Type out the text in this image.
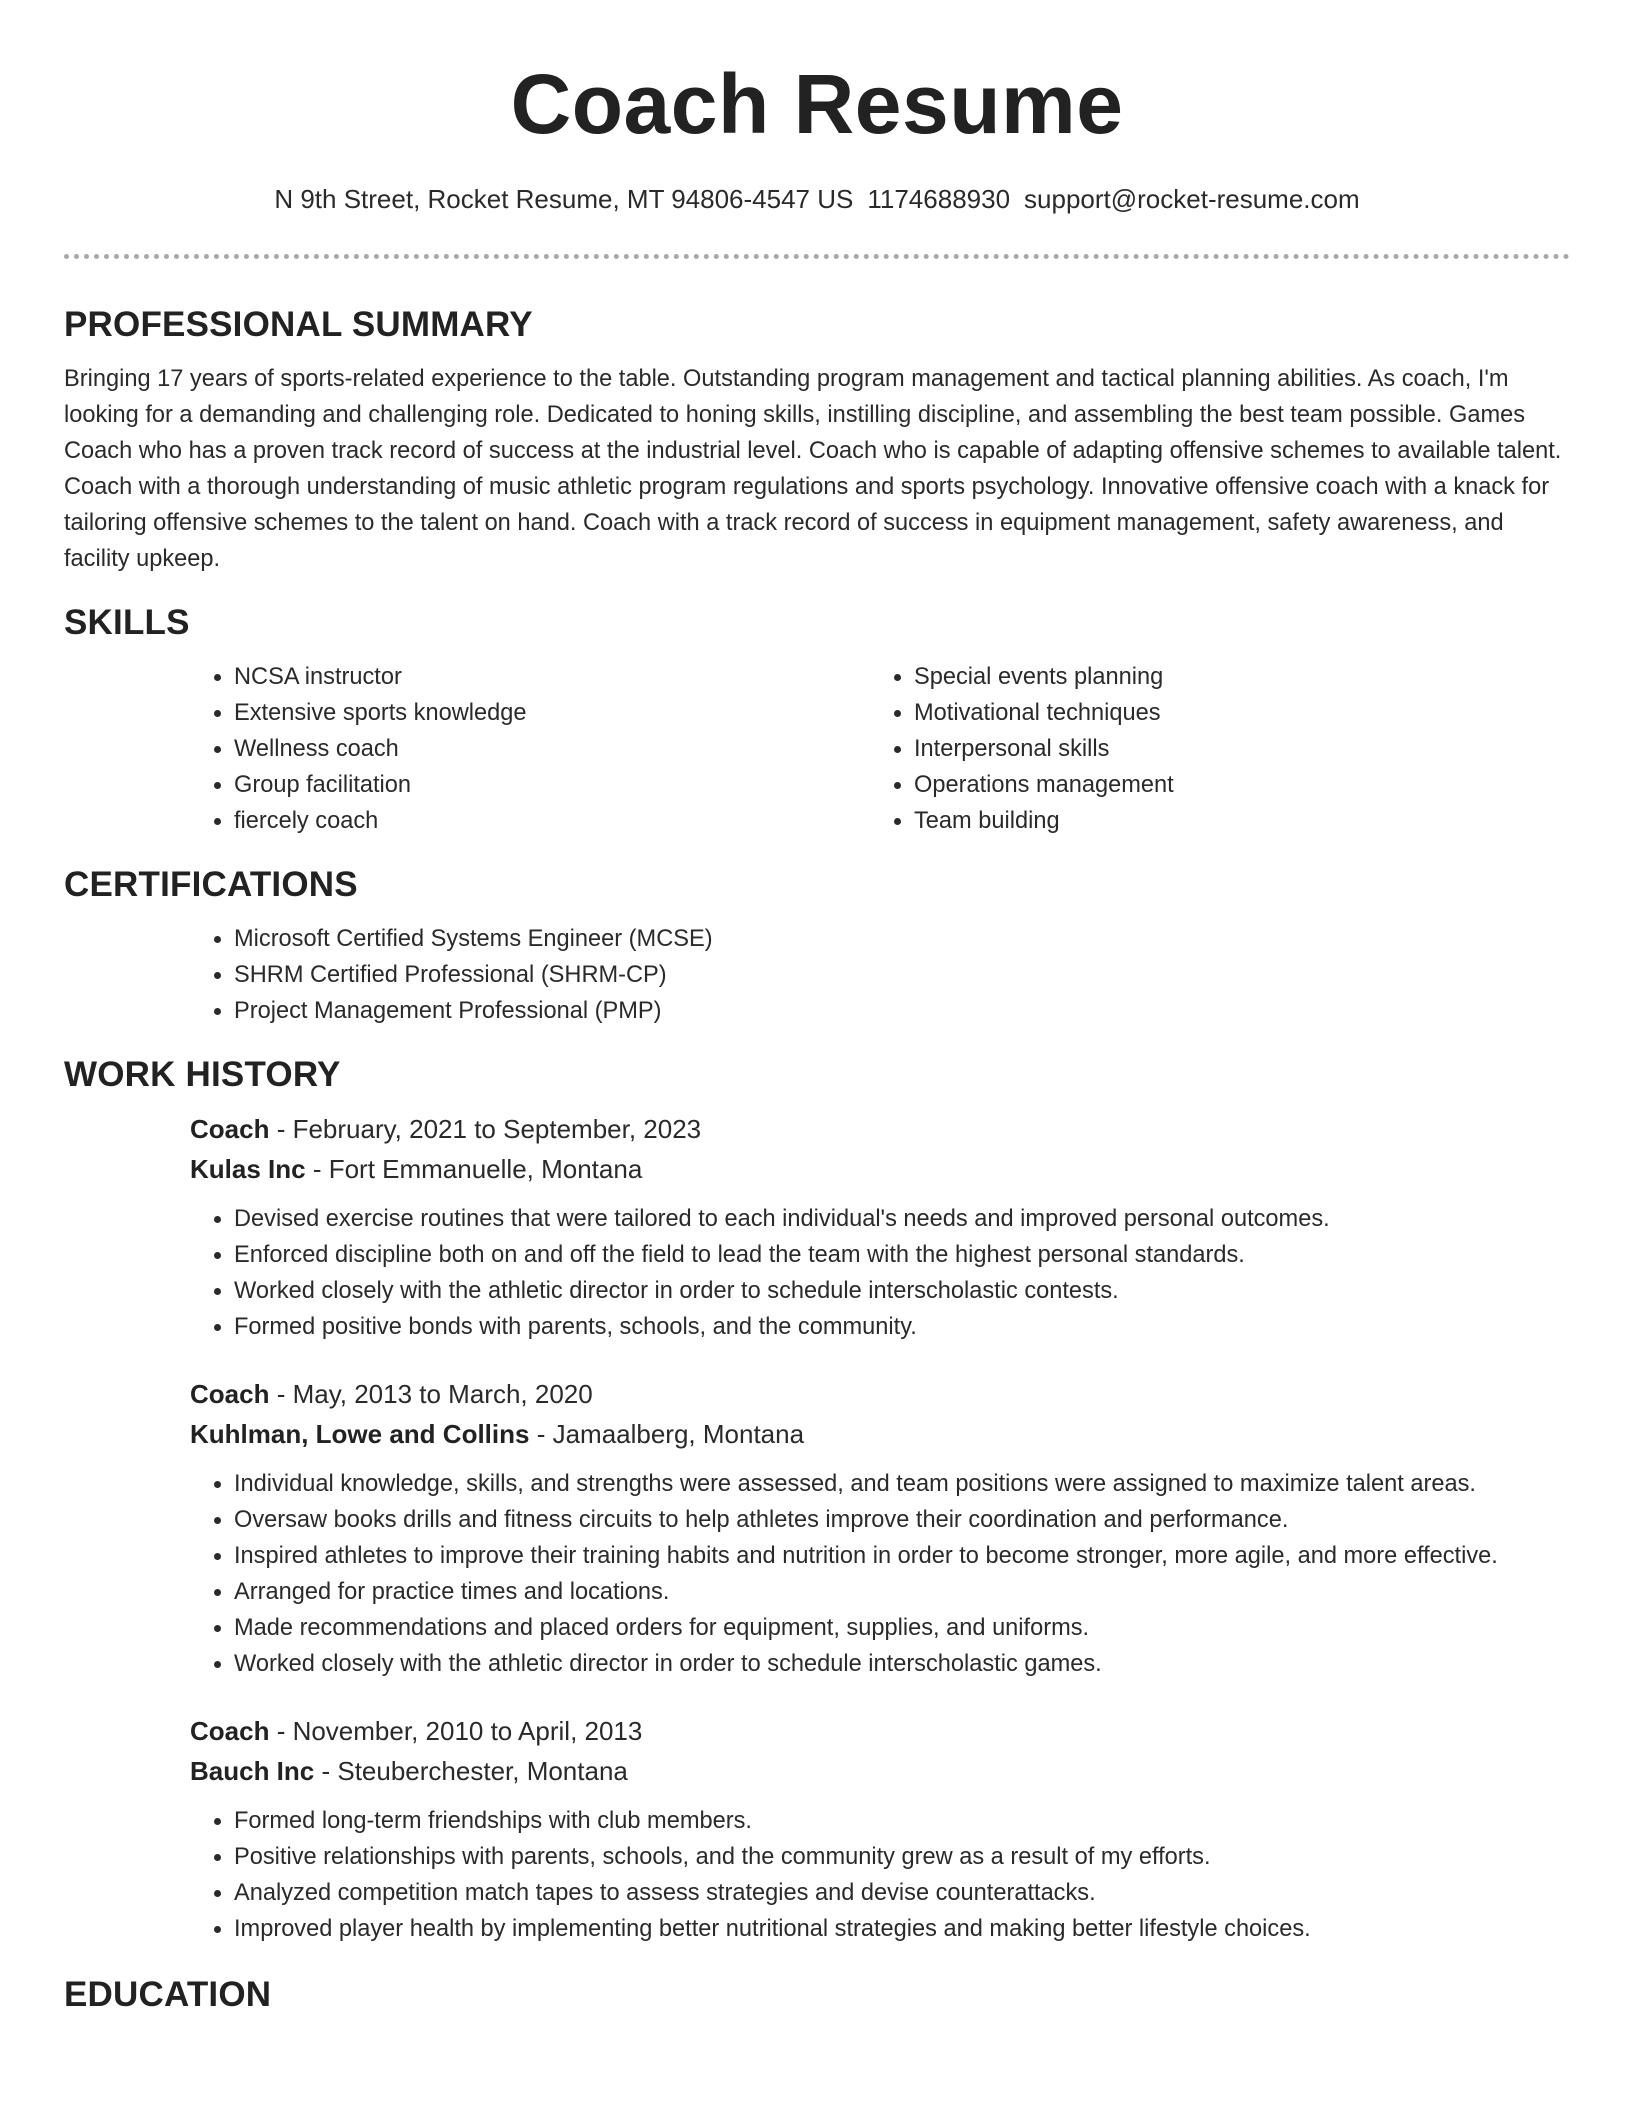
Coach Resume
N 9th Street, Rocket Resume, MT 94806-4547 US 1174688930 support@rocket-resume.com
PROFESSIONAL SUMMARY

Bringing 17 years of sports-related experience to the table. Outstanding program management and tactical planning abilities. As coach, I'm looking for a demanding and challenging role. Dedicated to honing skills, instilling discipline, and assembling the best team possible. Games Coach who has a proven track record of success at the industrial level. Coach who is capable of adapting offensive schemes to available talent. Coach with a thorough understanding of music athletic program regulations and sports psychology. Innovative offensive coach with a knack for tailoring offensive schemes to the talent on hand. Coach with a track record of success in equipment management, safety awareness, and facility upkeep.

SKILLS
• NCSA instructor
• Extensive sports knowledge
• Wellness coach
• Group facilitation
• fiercely coach
• Special events planning
• Motivational techniques
• Interpersonal skills
• Operations management
• Team building
CERTIFICATIONS
• Microsoft Certified Systems Engineer (MCSE)
• SHRM Certified Professional (SHRM-CP)
• Project Management Professional (PMP)
WORK HISTORY
Coach - February, 2021 to September, 2023
Kulas Inc - Fort Emmanuelle, Montana
• Devised exercise routines that were tailored to each individual's needs and improved personal outcomes.
• Enforced discipline both on and off the field to lead the team with the highest personal standards.
• Worked closely with the athletic director in order to schedule interscholastic contests.
• Formed positive bonds with parents, schools, and the community.
Coach - May, 2013 to March, 2020
Kuhlman, Lowe and Collins - Jamaalberg, Montana
• Individual knowledge, skills, and strengths were assessed, and team positions were assigned to maximize talent areas.
• Oversaw books drills and fitness circuits to help athletes improve their coordination and performance.
• Inspired athletes to improve their training habits and nutrition in order to become stronger, more agile, and more effective.
• Arranged for practice times and locations.
• Made recommendations and placed orders for equipment, supplies, and uniforms.
• Worked closely with the athletic director in order to schedule interscholastic games.
Coach - November, 2010 to April, 2013
Bauch Inc - Steuberchester, Montana
• Formed long-term friendships with club members.
• Positive relationships with parents, schools, and the community grew as a result of my efforts.
• Analyzed competition match tapes to assess strategies and devise counterattacks.
• Improved player health by implementing better nutritional strategies and making better lifestyle choices.
EDUCATION
